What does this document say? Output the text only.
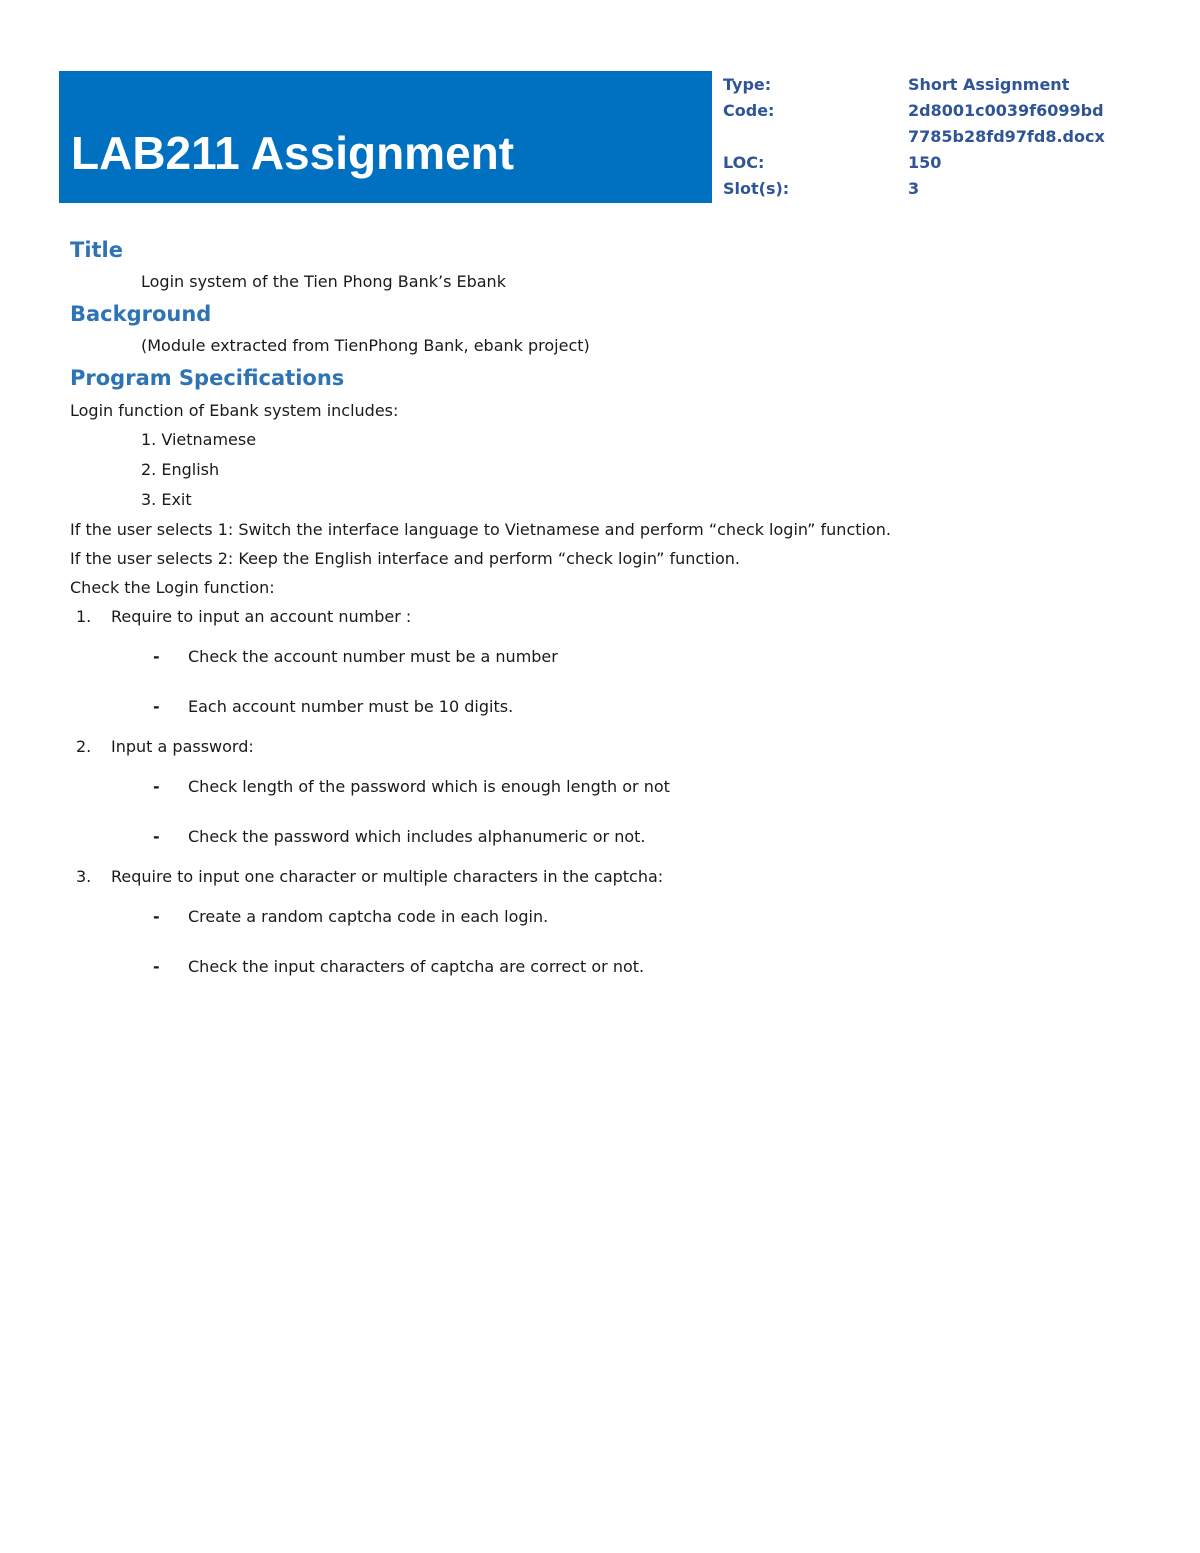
LAB211 Assignment
Type:	Short Assignment
Code:	2d8001c0039f6099bd
7785b28fd97fd8.docx
LOC:	150
Slot(s):	3
Title
Login system of the Tien Phong Bank’s Ebank
Background
(Module extracted from TienPhong Bank, ebank project)
Program Specifications
Login function of Ebank system includes:
1. Vietnamese
2. English
3. Exit
If the user selects 1: Switch the interface language to Vietnamese and perform “check login” function.
If the user selects 2: Keep the English interface and perform “check login” function.
Check the Login function:
1.	Require to input an account number :
-	Check the account number must be a number
-	Each account number must be 10 digits.
2.	Input a password:
-	Check length of the password which is enough length or not
-	Check the password which includes alphanumeric or not.
3.	Require to input one character or multiple characters in the captcha:
-	Create a random captcha code in each login.
-	Check the input characters of captcha are correct or not.
